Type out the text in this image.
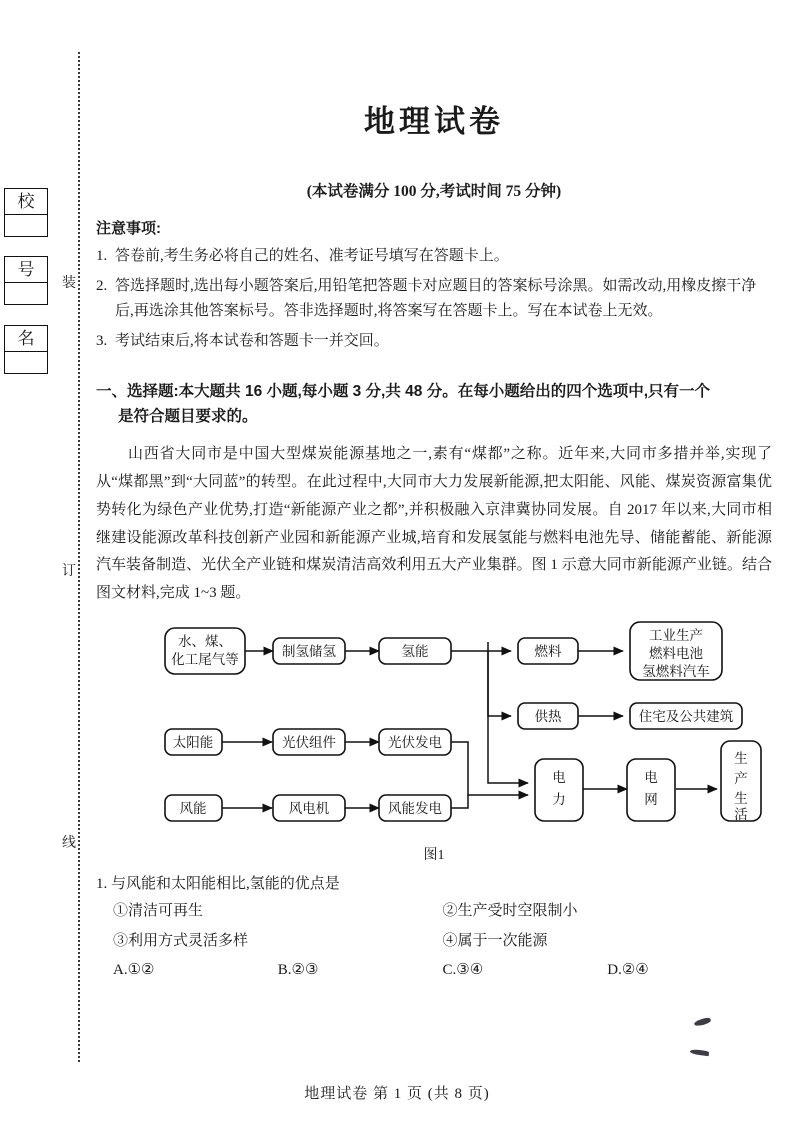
装
订
线
校
号
名
地理试卷
(本试卷满分 100 分,考试时间 75 分钟)
注意事项:
1. 答卷前,考生务必将自己的姓名、准考证号填写在答题卡上。
2. 答选择题时,选出每小题答案后,用铅笔把答题卡对应题目的答案标号涂黑。如需改动,用橡皮擦干净后,再选涂其他答案标号。答非选择题时,将答案写在答题卡上。写在本试卷上无效。
3. 考试结束后,将本试卷和答题卡一并交回。
一、选择题:本大题共 16 小题,每小题 3 分,共 48 分。在每小题给出的四个选项中,只有一个
是符合题目要求的。
山西省大同市是中国大型煤炭能源基地之一,素有“煤都”之称。近年来,大同市多措并举,实现了从“煤都黑”到“大同蓝”的转型。在此过程中,大同市大力发展新能源,把太阳能、风能、煤炭资源富集优势转化为绿色产业优势,打造“新能源产业之都”,并积极融入京津冀协同发展。自 2017 年以来,大同市相继建设能源改革科技创新产业园和新能源产业城,培育和发展氢能与燃料电池先导、储能蓄能、新能源汽车装备制造、光伏全产业链和煤炭清洁高效利用五大产业集群。图 1 示意大同市新能源产业链。结合图文材料,完成 1~3 题。
水、煤、
化工尾气等
制氢储氢	氢能	燃料
工业生产
燃料电池
氢燃料汽车
供热	住宅及公共建筑
太阳能	光伏组件	光伏发电
风能	风电机	风能发电
电
力
电
网
生
产
生
活
图1
1. 与风能和太阳能相比,氢能的优点是
①清洁可再生	②生产受时空限制小
③利用方式灵活多样	④属于一次能源
A.①②	B.②③	C.③④	D.②④
地理试卷 第 1 页 (共 8 页)
